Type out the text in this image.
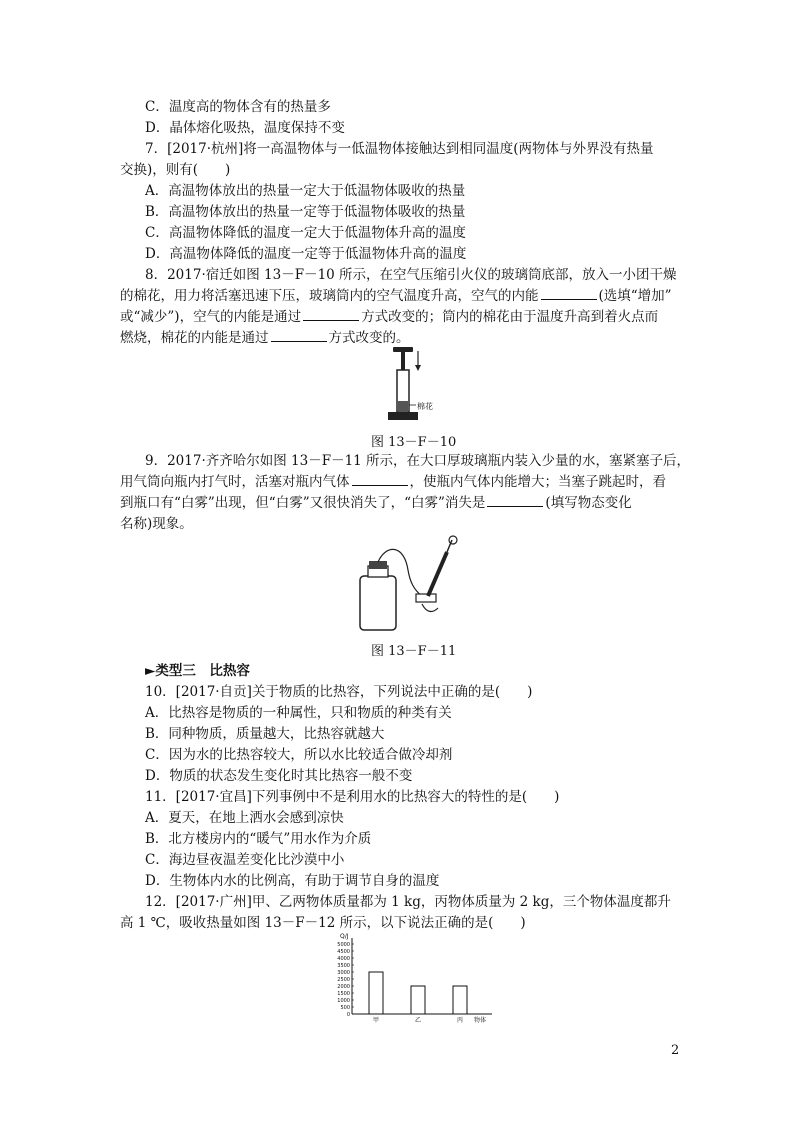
C．温度高的物体含有的热量多
D．晶体熔化吸热，温度保持不变
7．[2017·杭州]将一高温物体与一低温物体接触达到相同温度(两物体与外界没有热量
交换)，则有(　　)
A．高温物体放出的热量一定大于低温物体吸收的热量
B．高温物体放出的热量一定等于低温物体吸收的热量
C．高温物体降低的温度一定大于低温物体升高的温度
D．高温物体降低的温度一定等于低温物体升高的温度
8．2017·宿迁如图 13－F－10 所示，在空气压缩引火仪的玻璃筒底部，放入一小团干燥
的棉花，用力将活塞迅速下压，玻璃筒内的空气温度升高，空气的内能	(选填“增加”
或“减少”)，空气的内能是通过	方式改变的；筒内的棉花由于温度升高到着火点而
燃烧，棉花的内能是通过	方式改变的。
棉花
图 13－F－10
9．2017·齐齐哈尔如图 13－F－11 所示，在大口厚玻璃瓶内装入少量的水，塞紧塞子后，
用气筒向瓶内打气时，活塞对瓶内气体	，使瓶内气体内能增大；当塞子跳起时，看
到瓶口有“白雾”出现，但“白雾”又很快消失了，“白雾”消失是	(填写物态变化
名称)现象。
图 13－F－11
►类型三　比热容
10．[2017·自贡]关于物质的比热容，下列说法中正确的是(　　)
A．比热容是物质的一种属性，只和物质的种类有关
B．同种物质，质量越大，比热容就越大
C．因为水的比热容较大，所以水比较适合做冷却剂
D．物质的状态发生变化时其比热容一般不变
11．[2017·宜昌]下列事例中不是利用水的比热容大的特性的是(　　)
A．夏天，在地上洒水会感到凉快
B．北方楼房内的“暖气”用水作为介质
C．海边昼夜温差变化比沙漠中小
D．生物体内水的比例高，有助于调节自身的温度
12．[2017·广州]甲、乙两物体质量都为 1 kg，丙物体质量为 2 kg，三个物体温度都升
高 1 ℃，吸收热量如图 13－F－12 所示，以下说法正确的是(　　)
Q/J
0
500
1000
1500
2000
2500
3000
3500
4000
4500
5000
甲	乙	丙 物体
2
